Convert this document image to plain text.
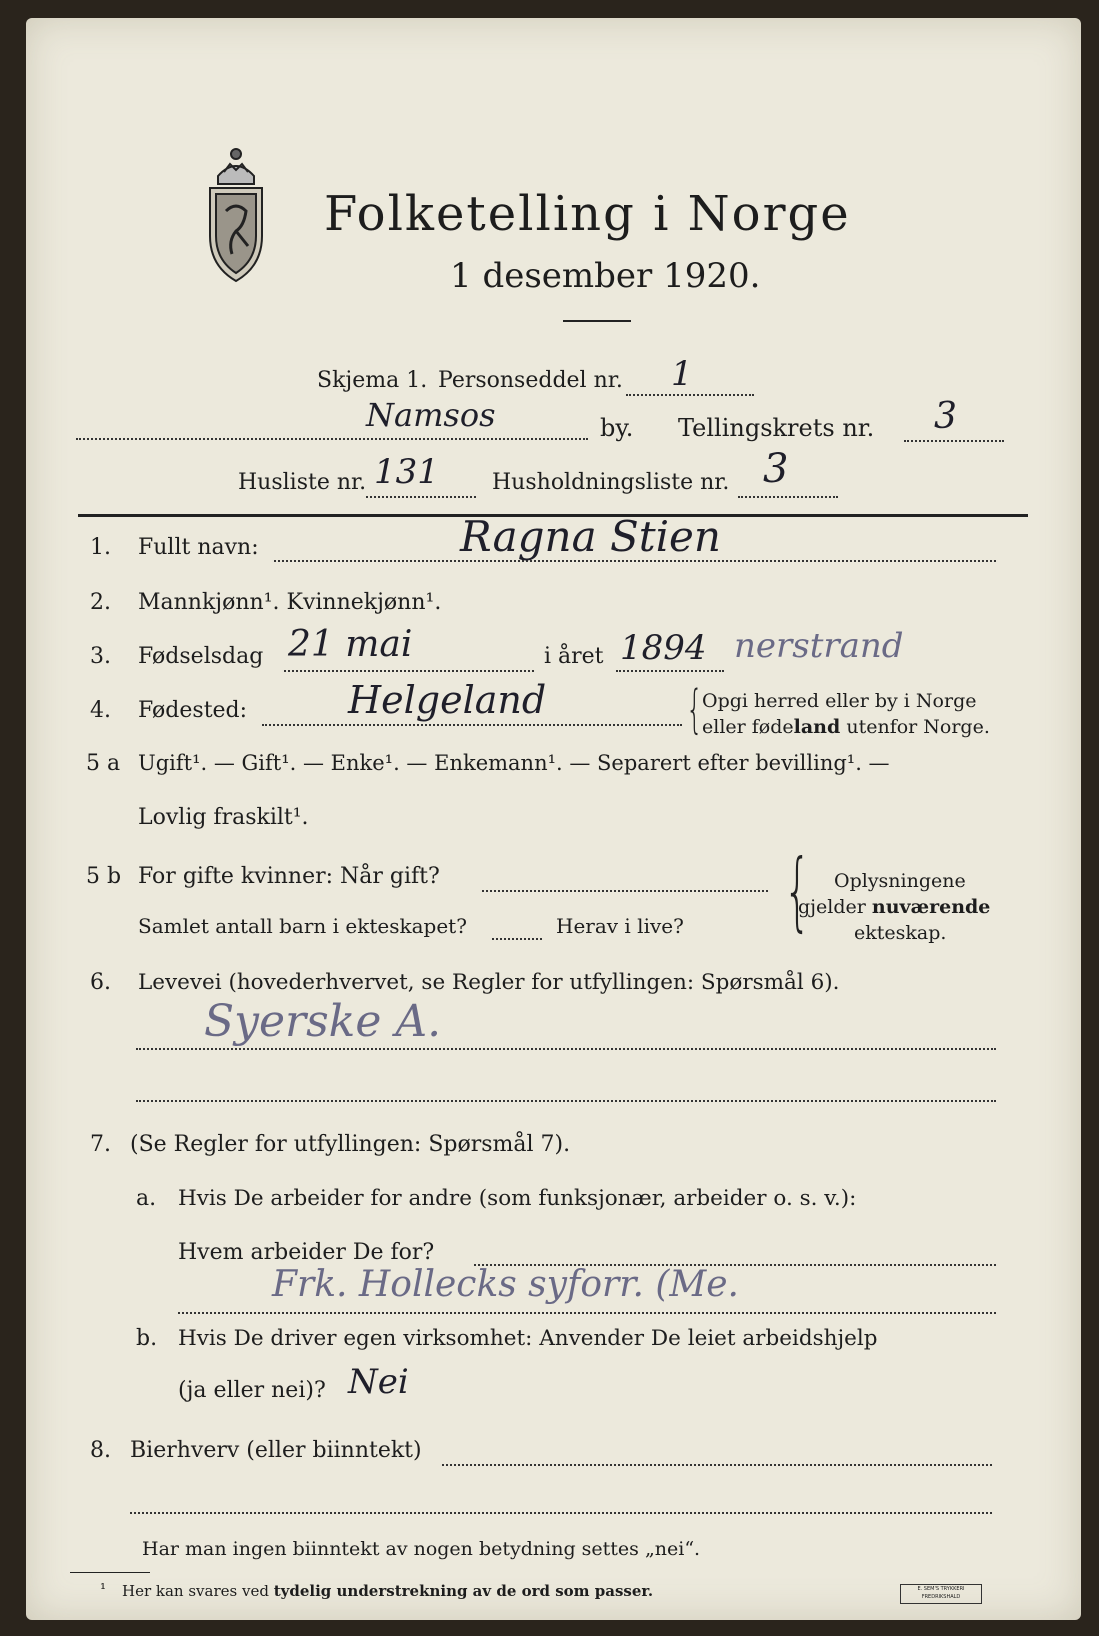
Folketelling i Norge
1 desember 1920.
Skjema 1. Personseddel nr. 1
Namsos	by. Tellingskrets nr. 3
Husliste nr. 131 Husholdningsliste nr. 3
1. Fullt navn:	Ragna Stien
2. Mannkjønn¹. Kvinnekjønn¹.
3. Fødselsdag 21 mai	i året 1894 nerstrand
4. Fødested:	Helgeland	{ Opgi herred eller by i Norge
eller fødeland utenfor Norge.
5 a Ugift¹. — Gift¹. — Enke¹. — Enkemann¹. — Separert efter bevilling¹. —
Lovlig fraskilt¹.
5 b For gifte kvinner: Når gift?
Samlet antall barn i ekteskapet?	Herav i live? { Oplysningene
gjelder nuværende
ekteskap.
6. Levevei (hovederhvervet, se Regler for utfyllingen: Spørsmål 6).
Syerske A.
7. (Se Regler for utfyllingen: Spørsmål 7).
a. Hvis De arbeider for andre (som funksjonær, arbeider o. s. v.):
Hvem arbeider De for?
Frk. Hollecks syforr. (Me.
b. Hvis De driver egen virksomhet: Anvender De leiet arbeidshjelp
(ja eller nei)? Nei
8. Bierhverv (eller biinntekt)
Har man ingen biinntekt av nogen betydning settes „nei“.
¹ Her kan svares ved tydelig understrekning av de ord som passer.	E. SEM'S TRYKKERI
FREDRIKSHALD
